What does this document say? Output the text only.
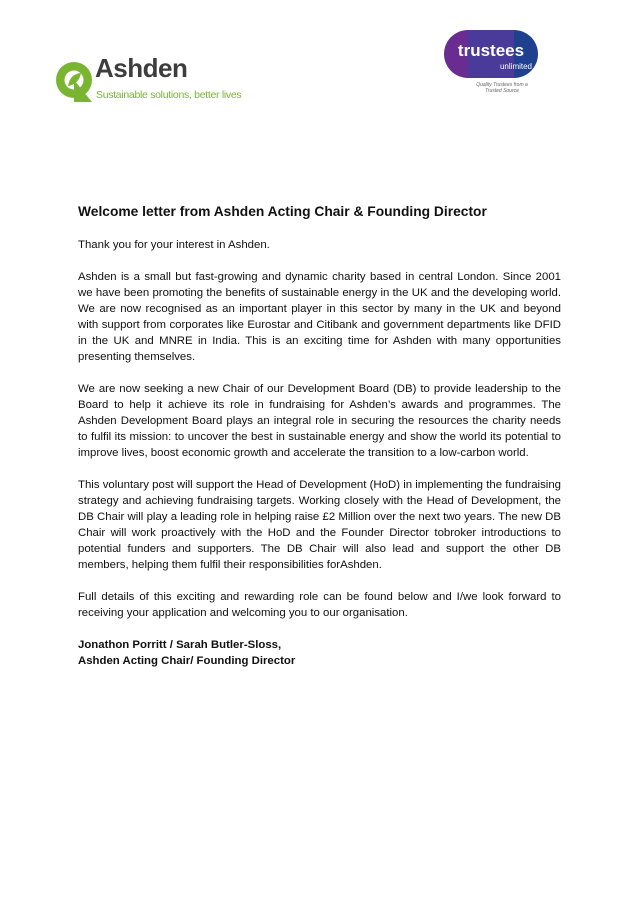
Ashden
Sustainable solutions, better lives
trustees
unlimited
Quality Trustees from a
Trusted Source
Welcome letter from Ashden Acting Chair & Founding Director

Thank you for your interest in Ashden.

Ashden is a small but fast-growing and dynamic charity based in central London. Since 2001 we have been promoting the benefits of sustainable energy in the UK and the developing world. We are now recognised as an important player in this sector by many in the UK and beyond with support from corporates like Eurostar and Citibank and government departments like DFID in the UK and MNRE in India. This is an exciting time for Ashden with many opportunities presenting themselves.

We are now seeking a new Chair of our Development Board (DB) to provide leadership to the Board to help it achieve its role in fundraising for Ashden’s awards and programmes. The Ashden Development Board plays an integral role in securing the resources the charity needs to fulfil its mission: to uncover the best in sustainable energy and show the world its potential to improve lives, boost economic growth and accelerate the transition to a low-carbon world.

This voluntary post will support the Head of Development (HoD) in implementing the fundraising strategy and achieving fundraising targets. Working closely with the Head of Development, the DB Chair will play a leading role in helping raise £2 Million over the next two years. The new DB Chair will work proactively with the HoD and the Founder Director tobroker introductions to potential funders and supporters. The DB Chair will also lead and support the other DB members, helping them fulfil their responsibilities forAshden.

Full details of this exciting and rewarding role can be found below and I/we look forward to receiving your application and welcoming you to our organisation.

Jonathon Porritt / Sarah Butler-Sloss,

Ashden Acting Chair/ Founding Director
